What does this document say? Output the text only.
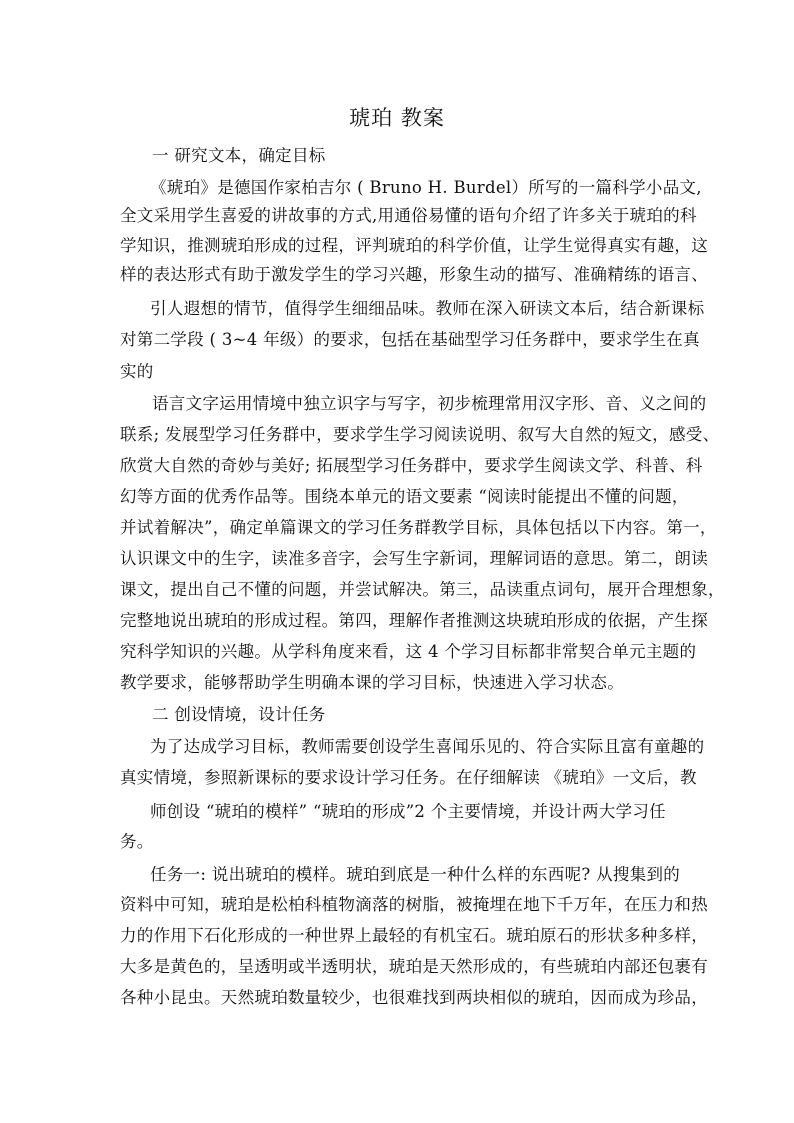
琥珀 教案
一 研究文本，确定目标
《琥珀》是德国作家柏吉尔 ( Bruno H. Burdel）所写的一篇科学小品文,
全文采用学生喜爱的讲故事的方式,用通俗易懂的语句介绍了许多关于琥珀的科
学知识，推测琥珀形成的过程，评判琥珀的科学价值，让学生觉得真实有趣，这
样的表达形式有助于激发学生的学习兴趣，形象生动的描写、准确精练的语言、
引人遐想的情节，值得学生细细品味。教师在深入研读文本后，结合新课标
对第二学段 ( 3~4 年级）的要求，包括在基础型学习任务群中，要求学生在真
实的
语言文字运用情境中独立识字与写字，初步梳理常用汉字形、音、义之间的
联系; 发展型学习任务群中，要求学生学习阅读说明、叙写大自然的短文，感受、
欣赏大自然的奇妙与美好; 拓展型学习任务群中，要求学生阅读文学、科普、科
幻等方面的优秀作品等。围绕本单元的语文要素 “阅读时能提出不懂的问题，
并试着解决”，确定单篇课文的学习任务群教学目标，具体包括以下内容。第一，
认识课文中的生字，读准多音字，会写生字新词，理解词语的意思。第二，朗读
课文，提出自己不懂的问题，并尝试解决。第三，品读重点词句，展开合理想象，
完整地说出琥珀的形成过程。第四，理解作者推测这块琥珀形成的依据，产生探
究科学知识的兴趣。从学科角度来看，这 4 个学习目标都非常契合单元主题的
教学要求，能够帮助学生明确本课的学习目标，快速进入学习状态。
二 创设情境，设计任务
为了达成学习目标，教师需要创设学生喜闻乐见的、符合实际且富有童趣的
真实情境，参照新课标的要求设计学习任务。在仔细解读 《琥珀》一文后，教
师创设 “琥珀的模样” “琥珀的形成”2 个主要情境，并设计两大学习任
务。
任务一: 说出琥珀的模样。琥珀到底是一种什么样的东西呢? 从搜集到的
资料中可知，琥珀是松柏科植物滴落的树脂，被掩埋在地下千万年，在压力和热
力的作用下石化形成的一种世界上最轻的有机宝石。琥珀原石的形状多种多样，
大多是黄色的，呈透明或半透明状，琥珀是天然形成的，有些琥珀内部还包裹有
各种小昆虫。天然琥珀数量较少，也很难找到两块相似的琥珀，因而成为珍品，
